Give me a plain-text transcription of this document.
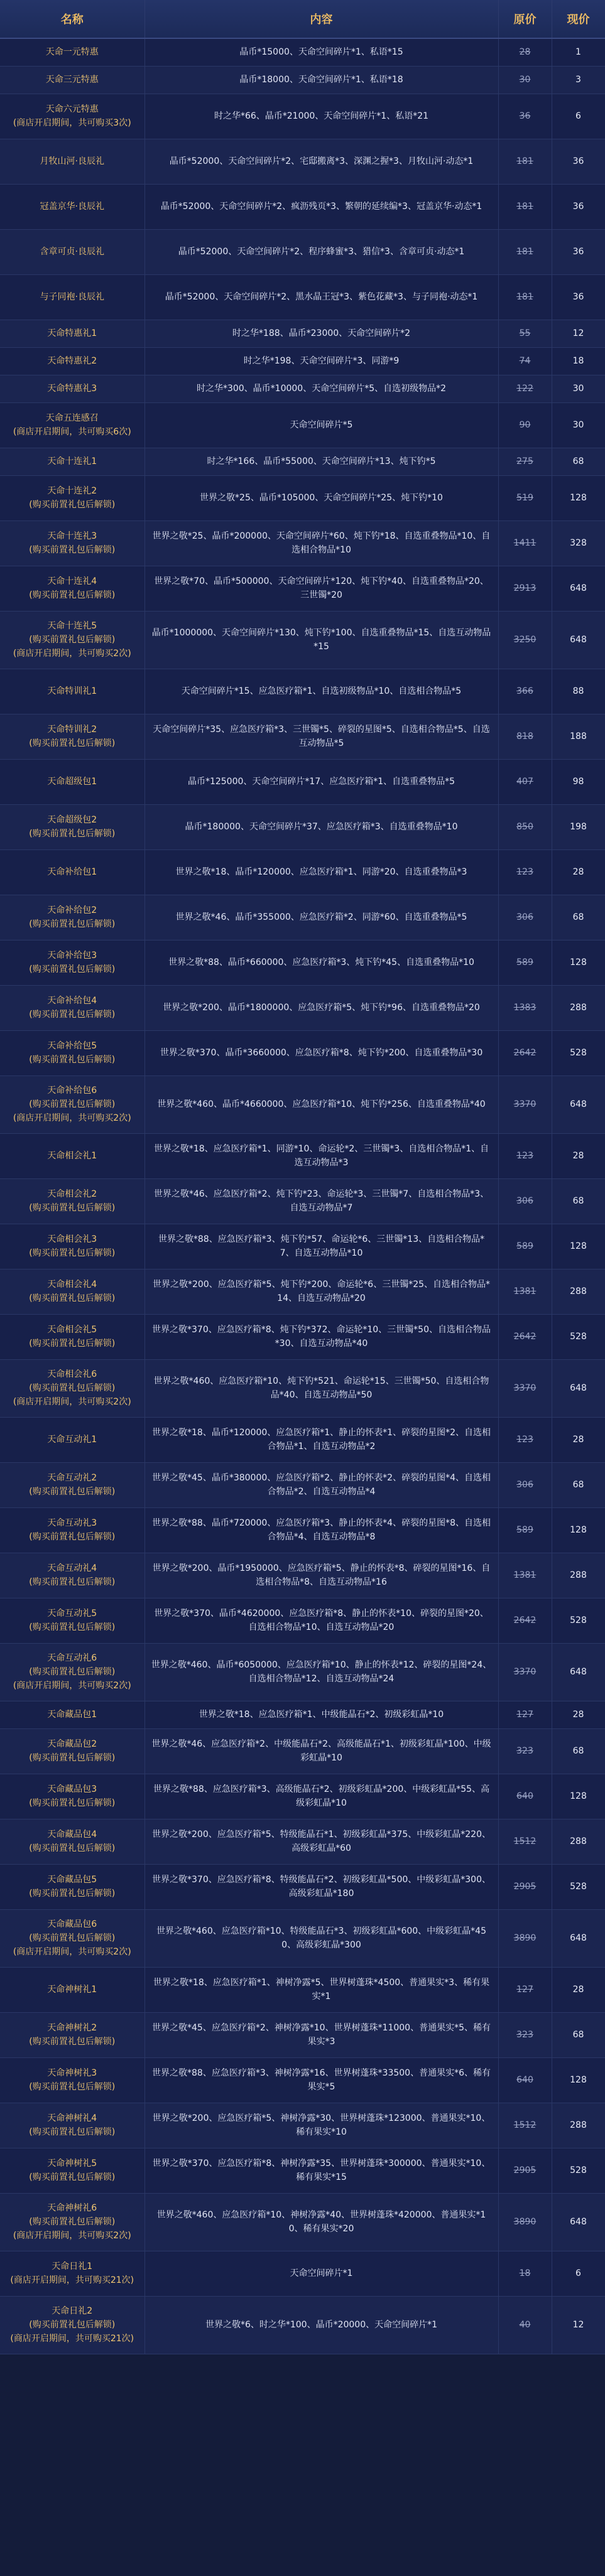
名称	内容	原价	现价

天命一元特惠	晶币*15000、天命空间碎片*1、私语*15	28	1

天命三元特惠	晶币*18000、天命空间碎片*1、私语*18	30	3

天命六元特惠
(商店开启期间，共可购买3次)	时之华*66、晶币*21000、天命空间碎片*1、私语*21	36	6

月牧山河·良辰礼	晶币*52000、天命空间碎片*2、宅邸搬离*3、深渊之握*3、月牧山河·动态*1	181	36

冠盖京华·良辰礼	晶币*52000、天命空间碎片*2、疯沥残页*3、繁朝的延续编*3、冠盖京华·动态*1	181	36

含章可贞·良辰礼	晶币*52000、天命空间碎片*2、程序蜂蜜*3、猎信*3、含章可贞·动态*1	181	36

与子同袍·良辰礼	晶币*52000、天命空间碎片*2、黑水晶王冠*3、紫色花藏*3、与子同袍·动态*1	181	36

天命特惠礼1	时之华*188、晶币*23000、天命空间碎片*2	55	12

天命特惠礼2	时之华*198、天命空间碎片*3、同游*9	74	18

天命特惠礼3	时之华*300、晶币*10000、天命空间碎片*5、自选初级物品*2	122	30

天命五连感召
(商店开启期间，共可购买6次)	天命空间碎片*5	90	30

天命十连礼1	时之华*166、晶币*55000、天命空间碎片*13、炖下钓*5	275	68

天命十连礼2
(购买前置礼包后解锁)	世界之敬*25、晶币*105000、天命空间碎片*25、炖下钓*10	519	128

天命十连礼3
(购买前置礼包后解锁)	世界之敬*25、晶币*200000、天命空间碎片*60、炖下钓*18、自选重叠物品*10、自选相合物品*10	1411	328

天命十连礼4
(购买前置礼包后解锁)	世界之敬*70、晶币*500000、天命空间碎片*120、炖下钓*40、自选重叠物品*20、三世镯*20	2913	648

天命十连礼5
(购买前置礼包后解锁)
(商店开启期间，共可购买2次)	晶币*1000000、天命空间碎片*130、炖下钓*100、自选重叠物品*15、自选互动物品*15	3250	648

天命特训礼1	天命空间碎片*15、应急医疗箱*1、自选初级物品*10、自选相合物品*5	366	88

天命特训礼2
(购买前置礼包后解锁)	天命空间碎片*35、应急医疗箱*3、三世镯*5、碎裂的星图*5、自选相合物品*5、自选互动物品*5	818	188

天命超级包1	晶币*125000、天命空间碎片*17、应急医疗箱*1、自选重叠物品*5	407	98

天命超级包2
(购买前置礼包后解锁)	晶币*180000、天命空间碎片*37、应急医疗箱*3、自选重叠物品*10	850	198

天命补给包1	世界之敬*18、晶币*120000、应急医疗箱*1、同游*20、自选重叠物品*3	123	28

天命补给包2
(购买前置礼包后解锁)	世界之敬*46、晶币*355000、应急医疗箱*2、同游*60、自选重叠物品*5	306	68

天命补给包3
(购买前置礼包后解锁)	世界之敬*88、晶币*660000、应急医疗箱*3、炖下钓*45、自选重叠物品*10	589	128

天命补给包4
(购买前置礼包后解锁)	世界之敬*200、晶币*1800000、应急医疗箱*5、炖下钓*96、自选重叠物品*20	1383	288

天命补给包5
(购买前置礼包后解锁)	世界之敬*370、晶币*3660000、应急医疗箱*8、炖下钓*200、自选重叠物品*30	2642	528

天命补给包6
(购买前置礼包后解锁)
(商店开启期间，共可购买2次)	世界之敬*460、晶币*4660000、应急医疗箱*10、炖下钓*256、自选重叠物品*40	3370	648

天命相会礼1	世界之敬*18、应急医疗箱*1、同游*10、命运轮*2、三世镯*3、自选相合物品*1、自选互动物品*3	123	28

天命相会礼2
(购买前置礼包后解锁)	世界之敬*46、应急医疗箱*2、炖下钓*23、命运轮*3、三世镯*7、自选相合物品*3、自选互动物品*7	306	68

天命相会礼3
(购买前置礼包后解锁)	世界之敬*88、应急医疗箱*3、炖下钓*57、命运轮*6、三世镯*13、自选相合物品*7、自选互动物品*10	589	128

天命相会礼4
(购买前置礼包后解锁)	世界之敬*200、应急医疗箱*5、炖下钓*200、命运轮*6、三世镯*25、自选相合物品*14、自选互动物品*20	1381	288

天命相会礼5
(购买前置礼包后解锁)	世界之敬*370、应急医疗箱*8、炖下钓*372、命运轮*10、三世镯*50、自选相合物品*30、自选互动物品*40	2642	528

天命相会礼6
(购买前置礼包后解锁)
(商店开启期间，共可购买2次)	世界之敬*460、应急医疗箱*10、炖下钓*521、命运轮*15、三世镯*50、自选相合物品*40、自选互动物品*50	3370	648

天命互动礼1	世界之敬*18、晶币*120000、应急医疗箱*1、静止的怀表*1、碎裂的星图*2、自选相合物品*1、自选互动物品*2	123	28

天命互动礼2
(购买前置礼包后解锁)	世界之敬*45、晶币*380000、应急医疗箱*2、静止的怀表*2、碎裂的星图*4、自选相合物品*2、自选互动物品*4	306	68

天命互动礼3
(购买前置礼包后解锁)	世界之敬*88、晶币*720000、应急医疗箱*3、静止的怀表*4、碎裂的星图*8、自选相合物品*4、自选互动物品*8	589	128

天命互动礼4
(购买前置礼包后解锁)	世界之敬*200、晶币*1950000、应急医疗箱*5、静止的怀表*8、碎裂的星图*16、自选相合物品*8、自选互动物品*16	1381	288

天命互动礼5
(购买前置礼包后解锁)	世界之敬*370、晶币*4620000、应急医疗箱*8、静止的怀表*10、碎裂的星图*20、自选相合物品*10、自选互动物品*20	2642	528

天命互动礼6
(购买前置礼包后解锁)
(商店开启期间，共可购买2次)	世界之敬*460、晶币*6050000、应急医疗箱*10、静止的怀表*12、碎裂的星图*24、自选相合物品*12、自选互动物品*24	3370	648

天命藏品包1	世界之敬*18、应急医疗箱*1、中级能晶石*2、初级彩虹晶*10	127	28

天命藏品包2
(购买前置礼包后解锁)	世界之敬*46、应急医疗箱*2、中级能晶石*2、高级能晶石*1、初级彩虹晶*100、中级彩虹晶*10	323	68

天命藏品包3
(购买前置礼包后解锁)	世界之敬*88、应急医疗箱*3、高级能晶石*2、初级彩虹晶*200、中级彩虹晶*55、高级彩虹晶*10	640	128

天命藏品包4
(购买前置礼包后解锁)	世界之敬*200、应急医疗箱*5、特级能晶石*1、初级彩虹晶*375、中级彩虹晶*220、高级彩虹晶*60	1512	288

天命藏品包5
(购买前置礼包后解锁)	世界之敬*370、应急医疗箱*8、特级能晶石*2、初级彩虹晶*500、中级彩虹晶*300、高级彩虹晶*180	2905	528

天命藏品包6
(购买前置礼包后解锁)
(商店开启期间，共可购买2次)	世界之敬*460、应急医疗箱*10、特级能晶石*3、初级彩虹晶*600、中级彩虹晶*450、高级彩虹晶*300	3890	648

天命神树礼1	世界之敬*18、应急医疗箱*1、神树净露*5、世界树蓬珠*4500、普通果实*3、稀有果实*1	127	28

天命神树礼2
(购买前置礼包后解锁)	世界之敬*45、应急医疗箱*2、神树净露*10、世界树蓬珠*11000、普通果实*5、稀有果实*3	323	68

天命神树礼3
(购买前置礼包后解锁)	世界之敬*88、应急医疗箱*3、神树净露*16、世界树蓬珠*33500、普通果实*6、稀有果实*5	640	128

天命神树礼4
(购买前置礼包后解锁)	世界之敬*200、应急医疗箱*5、神树净露*30、世界树蓬珠*123000、普通果实*10、稀有果实*10	1512	288

天命神树礼5
(购买前置礼包后解锁)	世界之敬*370、应急医疗箱*8、神树净露*35、世界树蓬珠*300000、普通果实*10、稀有果实*15	2905	528

天命神树礼6
(购买前置礼包后解锁)
(商店开启期间，共可购买2次)	世界之敬*460、应急医疗箱*10、神树净露*40、世界树蓬珠*420000、普通果实*10、稀有果实*20	3890	648

天命日礼1
(商店开启期间，共可购买21次)	天命空间碎片*1	18	6

天命日礼2
(购买前置礼包后解锁)
(商店开启期间，共可购买21次)	世界之敬*6、时之华*100、晶币*20000、天命空间碎片*1	40	12
